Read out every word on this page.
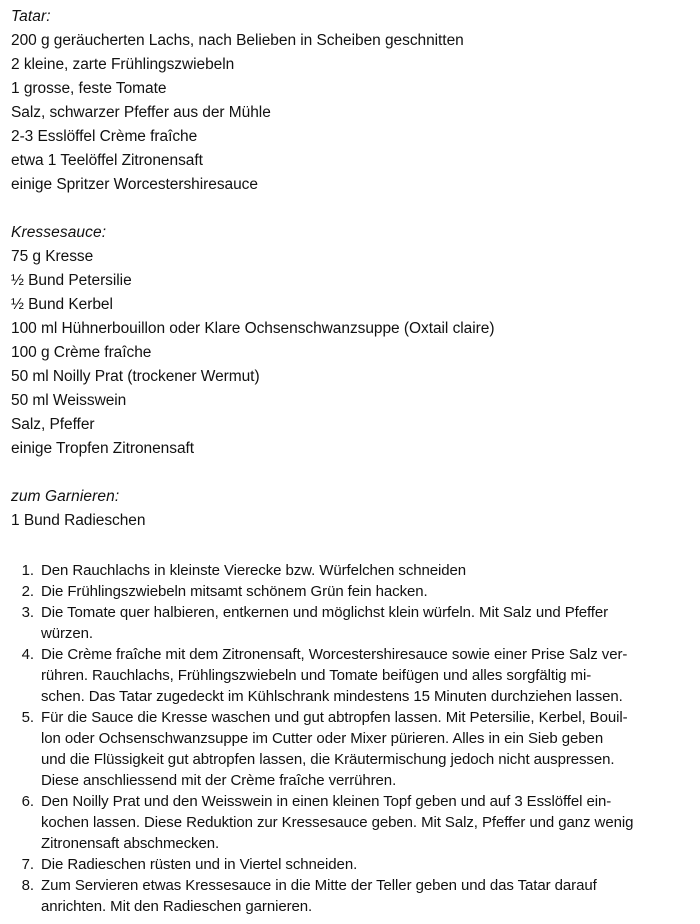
Tatar:
200 g geräucherten Lachs, nach Belieben in Scheiben geschnitten
2 kleine, zarte Frühlingszwiebeln
1 grosse, feste Tomate
Salz, schwarzer Pfeffer aus der Mühle
2-3 Esslöffel Crème fraîche
etwa 1 Teelöffel Zitronensaft
einige Spritzer Worcestershiresauce
Kressesauce:
75 g Kresse
½ Bund Petersilie
½ Bund Kerbel
100 ml Hühnerbouillon oder Klare Ochsenschwanzsuppe (Oxtail claire)
100 g Crème fraîche
50 ml Noilly Prat (trockener Wermut)
50 ml Weisswein
Salz, Pfeffer
einige Tropfen Zitronensaft
zum Garnieren:
1 Bund Radieschen
1. Den Rauchlachs in kleinste Vierecke bzw. Würfelchen schneiden
2. Die Frühlingszwiebeln mitsamt schönem Grün fein hacken.
3. Die Tomate quer halbieren, entkernen und möglichst klein würfeln. Mit Salz und Pfeffer
würzen.
4. Die Crème fraîche mit dem Zitronensaft, Worcestershiresauce sowie einer Prise Salz ver-
rühren. Rauchlachs, Frühlingszwiebeln und Tomate beifügen und alles sorgfältig mi-
schen. Das Tatar zugedeckt im Kühlschrank mindestens 15 Minuten durchziehen lassen.
5. Für die Sauce die Kresse waschen und gut abtropfen lassen. Mit Petersilie, Kerbel, Bouil-
lon oder Ochsenschwanzsuppe im Cutter oder Mixer pürieren. Alles in ein Sieb geben
und die Flüssigkeit gut abtropfen lassen, die Kräutermischung jedoch nicht auspressen.
Diese anschliessend mit der Crème fraîche verrühren.
6. Den Noilly Prat und den Weisswein in einen kleinen Topf geben und auf 3 Esslöffel ein-
kochen lassen. Diese Reduktion zur Kressesauce geben. Mit Salz, Pfeffer und ganz wenig
Zitronensaft abschmecken.
7. Die Radieschen rüsten und in Viertel schneiden.
8. Zum Servieren etwas Kressesauce in die Mitte der Teller geben und das Tatar darauf
anrichten. Mit den Radieschen garnieren.
